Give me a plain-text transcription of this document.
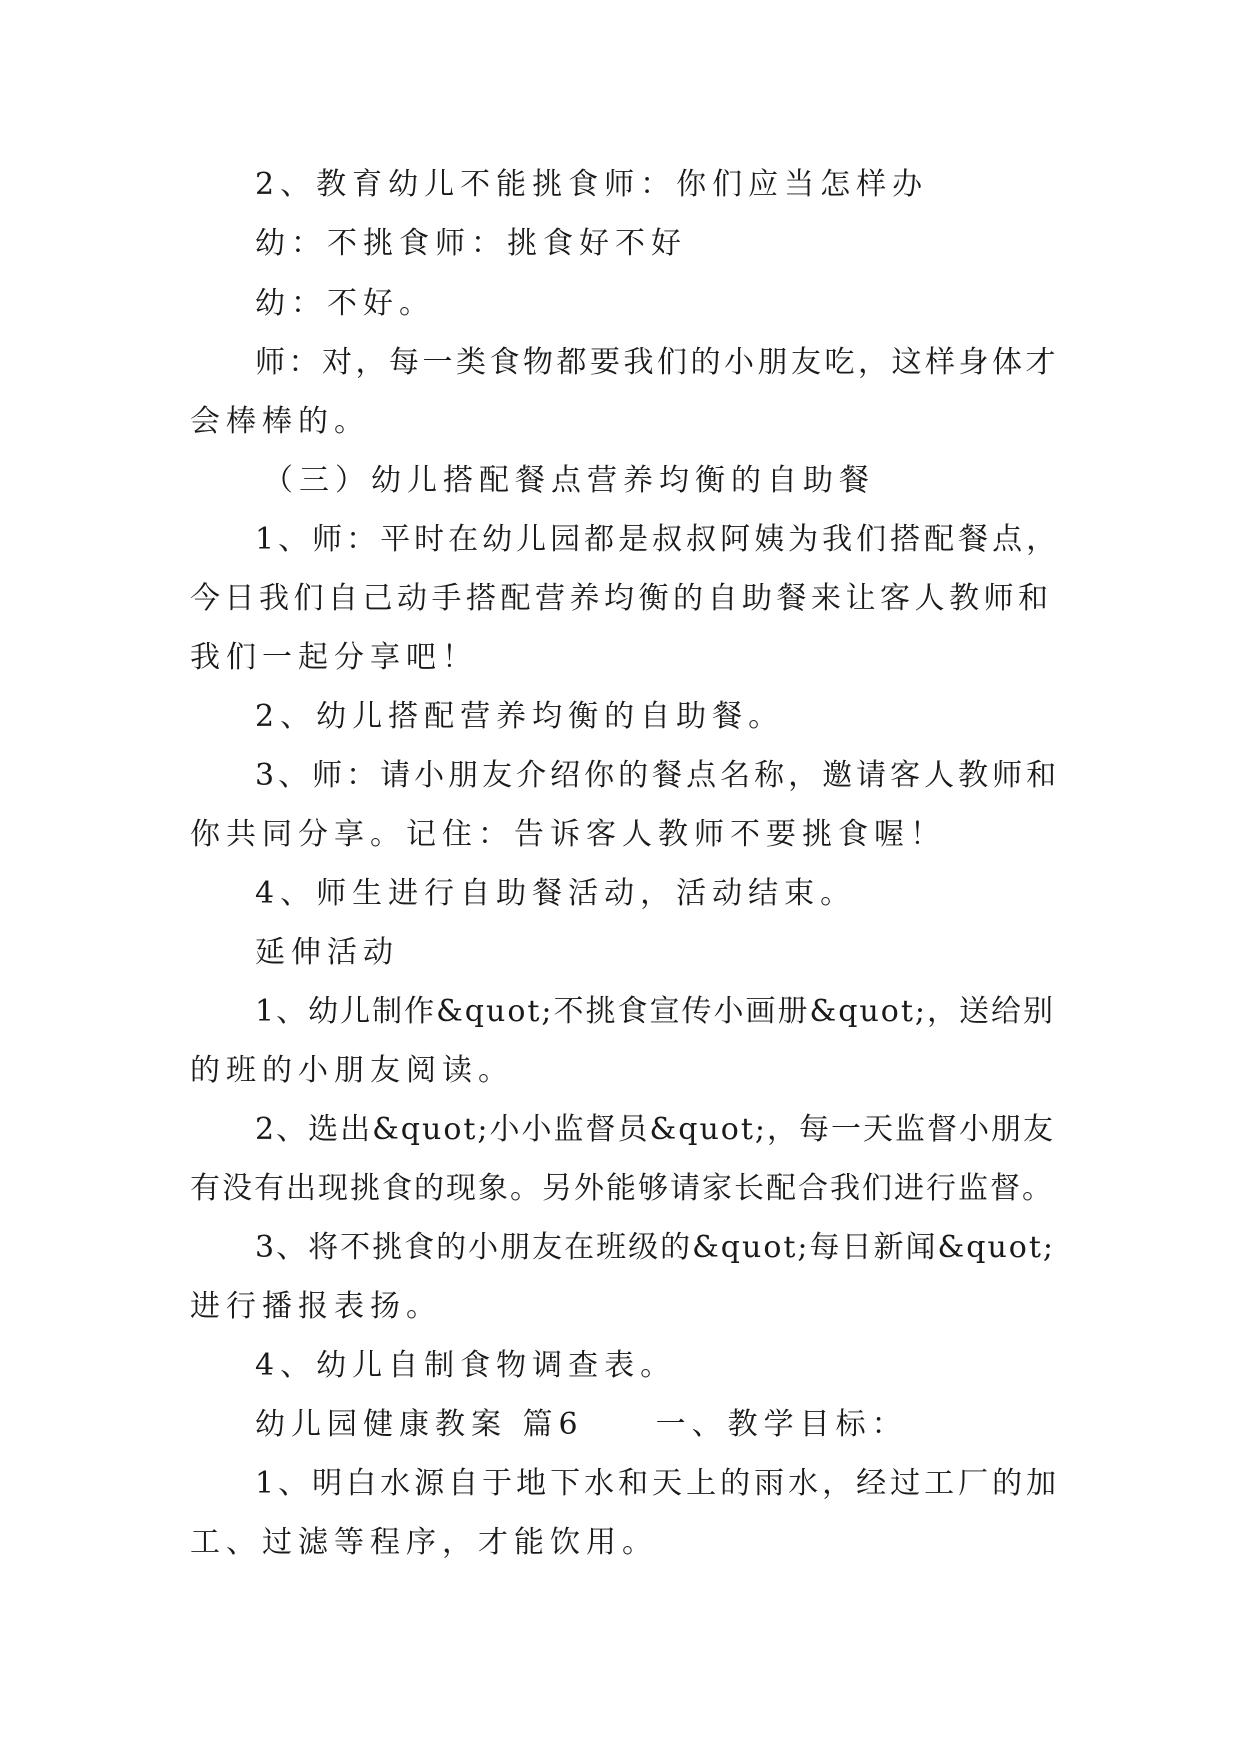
2、教育幼儿不能挑食师：你们应当怎样办
幼：不挑食师：挑食好不好
幼：不好。
师：对，每一类食物都要我们的小朋友吃，这样身体才
会棒棒的。
（三）幼儿搭配餐点营养均衡的自助餐
1、师：平时在幼儿园都是叔叔阿姨为我们搭配餐点，
今日我们自己动手搭配营养均衡的自助餐来让客人教师和
我们一起分享吧！
2、幼儿搭配营养均衡的自助餐。
3、师：请小朋友介绍你的餐点名称，邀请客人教师和
你共同分享。记住：告诉客人教师不要挑食喔！
4、师生进行自助餐活动，活动结束。
延伸活动
1、幼儿制作&quot;不挑食宣传小画册&quot;，送给别
的班的小朋友阅读。
2、选出&quot;小小监督员&quot;，每一天监督小朋友
有没有出现挑食的现象。另外能够请家长配合我们进行监督。
3、将不挑食的小朋友在班级的&quot;每日新闻&quot;
进行播报表扬。
4、幼儿自制食物调查表。
幼儿园健康教案 篇6　　一、教学目标：
1、明白水源自于地下水和天上的雨水，经过工厂的加
工、过滤等程序，才能饮用。
